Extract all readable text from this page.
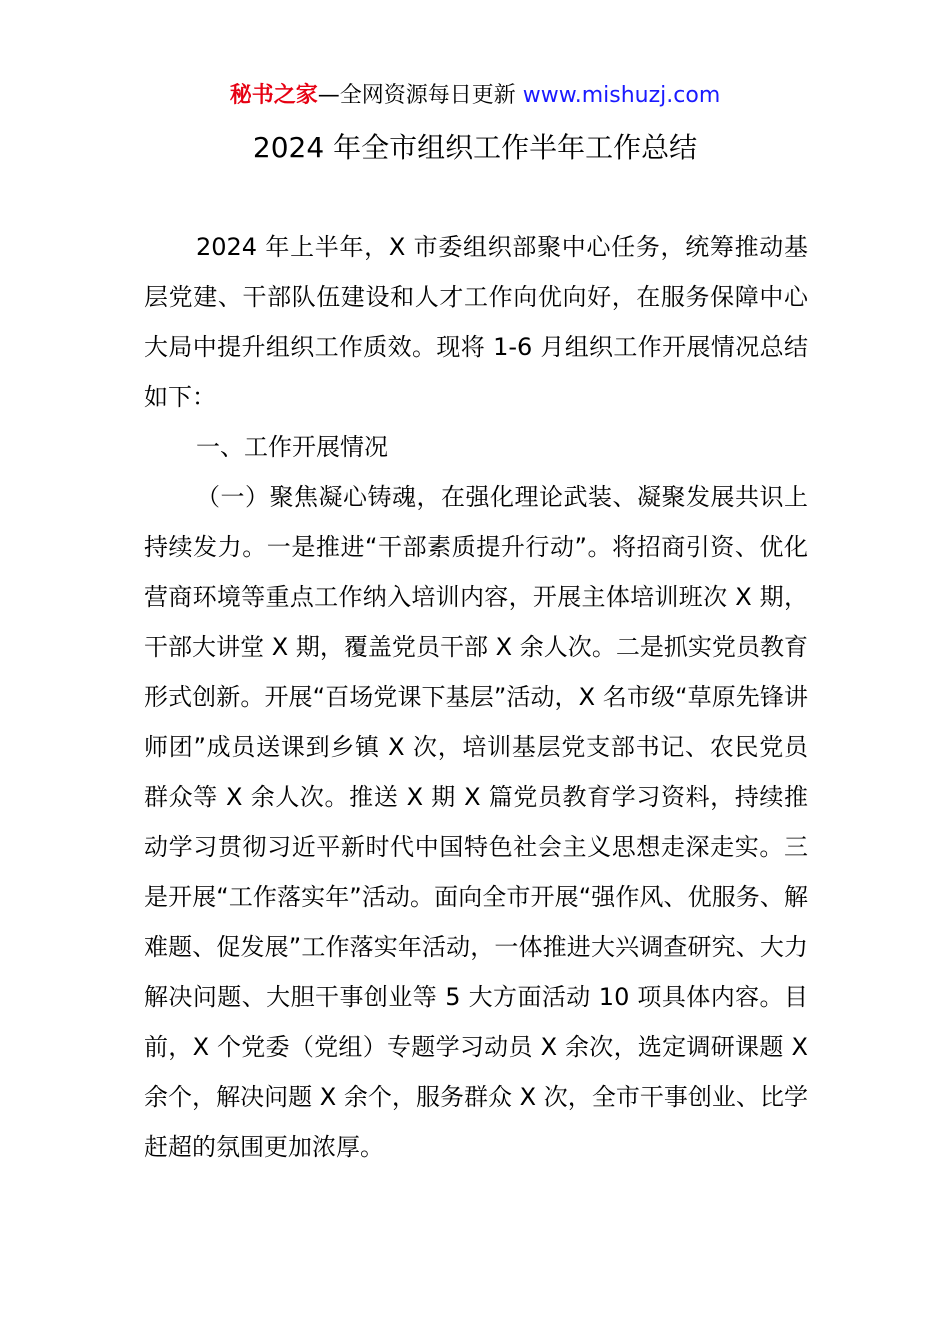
秘书之家—全网资源每日更新 www.mishuzj.com
2024 年全市组织工作半年工作总结

2024 年上半年，X 市委组织部聚中心任务，统筹推动基层党建、干部队伍建设和人才工作向优向好，在服务保障中心大局中提升组织工作质效。现将 1-6 月组织工作开展情况总结如下：

一、工作开展情况

（一）聚焦凝心铸魂，在强化理论武装、凝聚发展共识上持续发力。一是推进“干部素质提升行动”。将招商引资、优化营商环境等重点工作纳入培训内容，开展主体培训班次 X 期，干部大讲堂 X 期，覆盖党员干部 X 余人次。二是抓实党员教育形式创新。开展“百场党课下基层”活动，X 名市级“草原先锋讲师团”成员送课到乡镇 X 次，培训基层党支部书记、农民党员群众等 X 余人次。推送 X 期 X 篇党员教育学习资料，持续推动学习贯彻习近平新时代中国特色社会主义思想走深走实。三是开展“工作落实年”活动。面向全市开展“强作风、优服务、解难题、促发展”工作落实年活动，一体推进大兴调查研究、大力解决问题、大胆干事创业等 5 大方面活动 10 项具体内容。目前，X 个党委（党组）专题学习动员 X 余次，选定调研课题 X 余个，解决问题 X 余个，服务群众 X 次，全市干事创业、比学赶超的氛围更加浓厚。
